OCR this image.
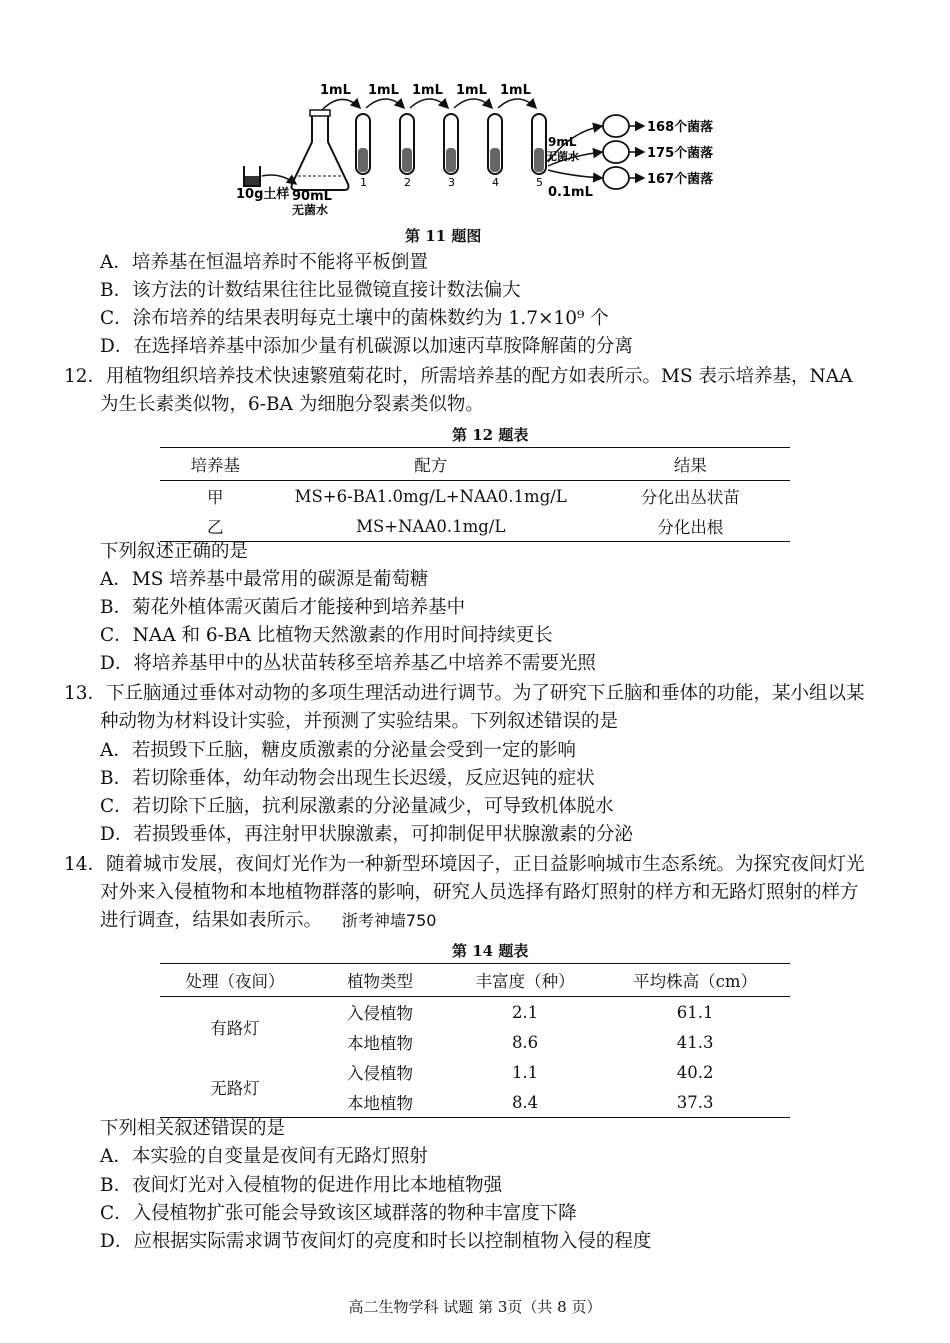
1mL 1mL 1mL 1mL 1mL
1	2	3	4	5
10g土样 90mL
无菌水
9mL
无菌水
0.1mL
168个菌落
175个菌落
167个菌落
第 11 题图
A．培养基在恒温培养时不能将平板倒置
B．该方法的计数结果往往比显微镜直接计数法偏大
C．涂布培养的结果表明每克土壤中的菌株数约为 1.7×10⁹ 个
D．在选择培养基中添加少量有机碳源以加速丙草胺降解菌的分离
12．用植物组织培养技术快速繁殖菊花时，所需培养基的配方如表所示。MS 表示培养基，NAA
为生长素类似物，6-BA 为细胞分裂素类似物。
第 12 题表
培养基	配方	结果
甲	MS+6-BA1.0mg/L+NAA0.1mg/L	分化出丛状苗
乙	MS+NAA0.1mg/L	分化出根
下列叙述正确的是
A．MS 培养基中最常用的碳源是葡萄糖
B．菊花外植体需灭菌后才能接种到培养基中
C．NAA 和 6-BA 比植物天然激素的作用时间持续更长
D．将培养基甲中的丛状苗转移至培养基乙中培养不需要光照
13．下丘脑通过垂体对动物的多项生理活动进行调节。为了研究下丘脑和垂体的功能，某小组以某
种动物为材料设计实验，并预测了实验结果。下列叙述错误的是
A．若损毁下丘脑，糖皮质激素的分泌量会受到一定的影响
B．若切除垂体，幼年动物会出现生长迟缓，反应迟钝的症状
C．若切除下丘脑，抗利尿激素的分泌量减少，可导致机体脱水
D．若损毁垂体，再注射甲状腺激素，可抑制促甲状腺激素的分泌
14．随着城市发展，夜间灯光作为一种新型环境因子，正日益影响城市生态系统。为探究夜间灯光
对外来入侵植物和本地植物群落的影响，研究人员选择有路灯照射的样方和无路灯照射的样方
进行调查，结果如表所示。 浙考神墙750
第 14 题表
处理（夜间）	植物类型	丰富度（种）	平均株高（cm）
有路灯	入侵植物	2.1	61.1
	本地植物	8.6	41.3
无路灯	入侵植物	1.1	40.2
	本地植物	8.4	37.3
下列相关叙述错误的是
A．本实验的自变量是夜间有无路灯照射
B．夜间灯光对入侵植物的促进作用比本地植物强
C．入侵植物扩张可能会导致该区域群落的物种丰富度下降
D．应根据实际需求调节夜间灯的亮度和时长以控制植物入侵的程度
高二生物学科 试题 第 3页（共 8 页）
